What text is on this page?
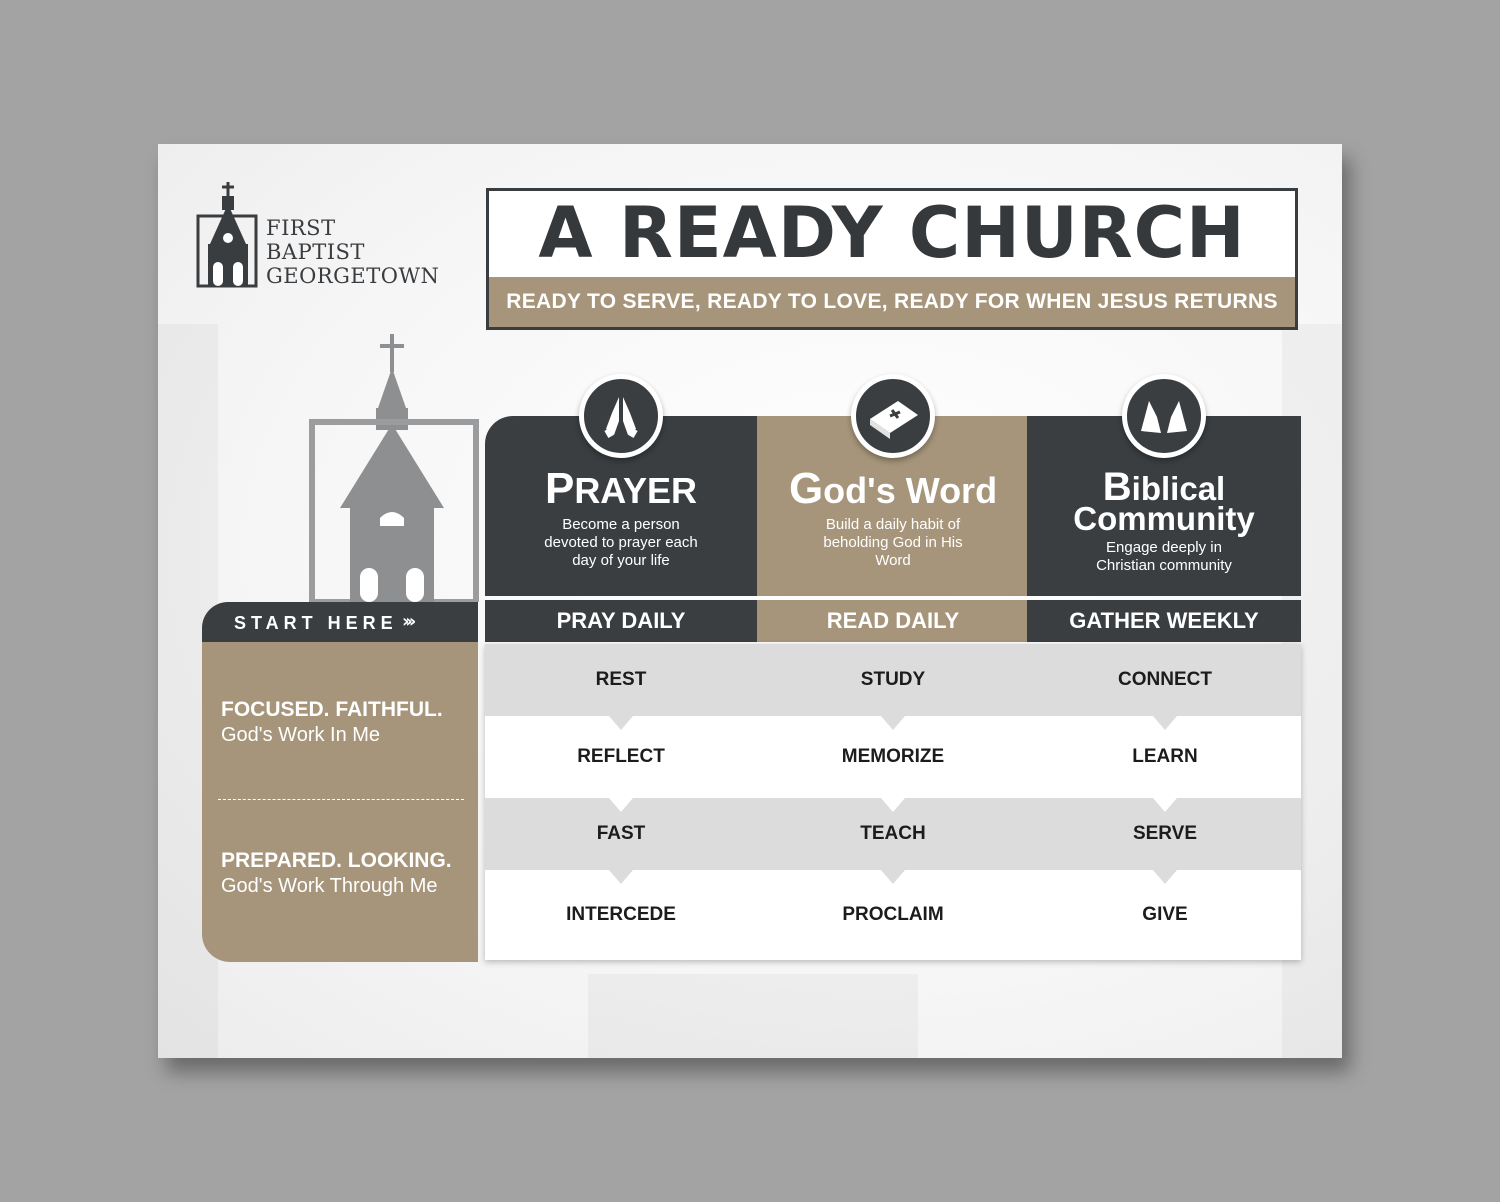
FIRST
BAPTIST
GEORGETOWN
A READY CHURCH
READY TO SERVE, READY TO LOVE, READY FOR WHEN JESUS RETURNS
START HERE ›››
FOCUSED. FAITHFUL.
God's Work In Me
PREPARED. LOOKING.
God's Work Through Me
PRAYER
Become a person devoted to prayer each day of your life
God's Word
Build a daily habit of beholding God in His Word
Biblical
Community
Engage deeply in Christian community
PRAY DAILY	READ DAILY	GATHER WEEKLY
REST	STUDY	CONNECT
REFLECT	MEMORIZE	LEARN
FAST	TEACH	SERVE
INTERCEDE	PROCLAIM	GIVE
